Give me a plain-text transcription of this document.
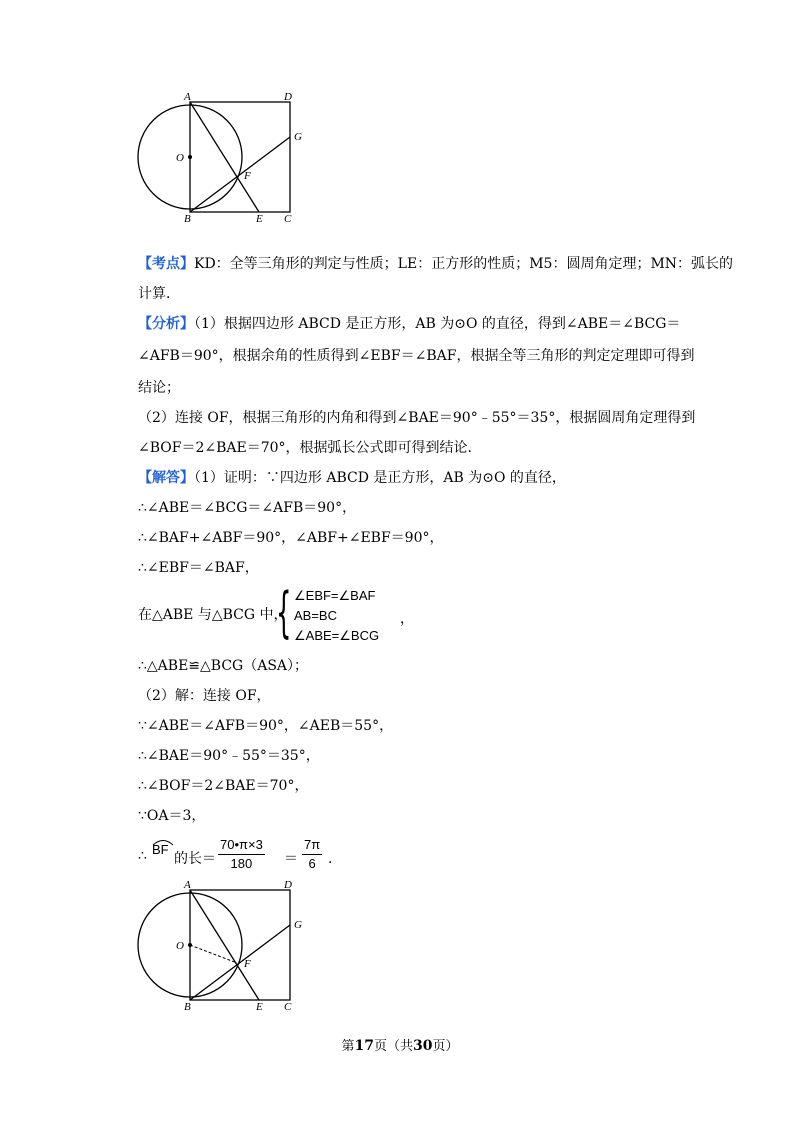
A	D
G
O
F
B	E C
【考点】KD：全等三角形的判定与性质；LE：正方形的性质；M5：圆周角定理；MN：弧长的
计算．
【分析】（1）根据四边形 ABCD 是正方形，AB 为⊙O 的直径，得到∠ABE＝∠BCG＝
∠AFB＝90°，根据余角的性质得到∠EBF＝∠BAF，根据全等三角形的判定定理即可得到
结论；
（2）连接 OF，根据三角形的内角和得到∠BAE＝90°﹣55°＝35°，根据圆周角定理得到
∠BOF＝2∠BAE＝70°，根据弧长公式即可得到结论．
【解答】（1）证明：∵四边形 ABCD 是正方形，AB 为⊙O 的直径，
∴∠ABE＝∠BCG＝∠AFB＝90°，
∴∠BAF+∠ABF＝90°，∠ABF+∠EBF＝90°，
∴∠EBF＝∠BAF，
在△ABE 与△BCG 中，
{ ∠EBF=∠BAF
AB=BC
∠ABE=∠BCG
，
∴△ABE≌△BCG（ASA）；
（2）解：连接 OF，
∵∠ABE＝∠AFB＝90°，∠AEB＝55°，
∴∠BAE＝90°﹣55°＝35°，
∴∠BOF＝2∠BAE＝70°，
∵OA＝3，
∴ BF
的长＝ $\frac{70•\pi\times 3}{180} = \frac{7\pi}{6}$ ．
A	D
G
O
F
B	E C
第17页（共30页）
